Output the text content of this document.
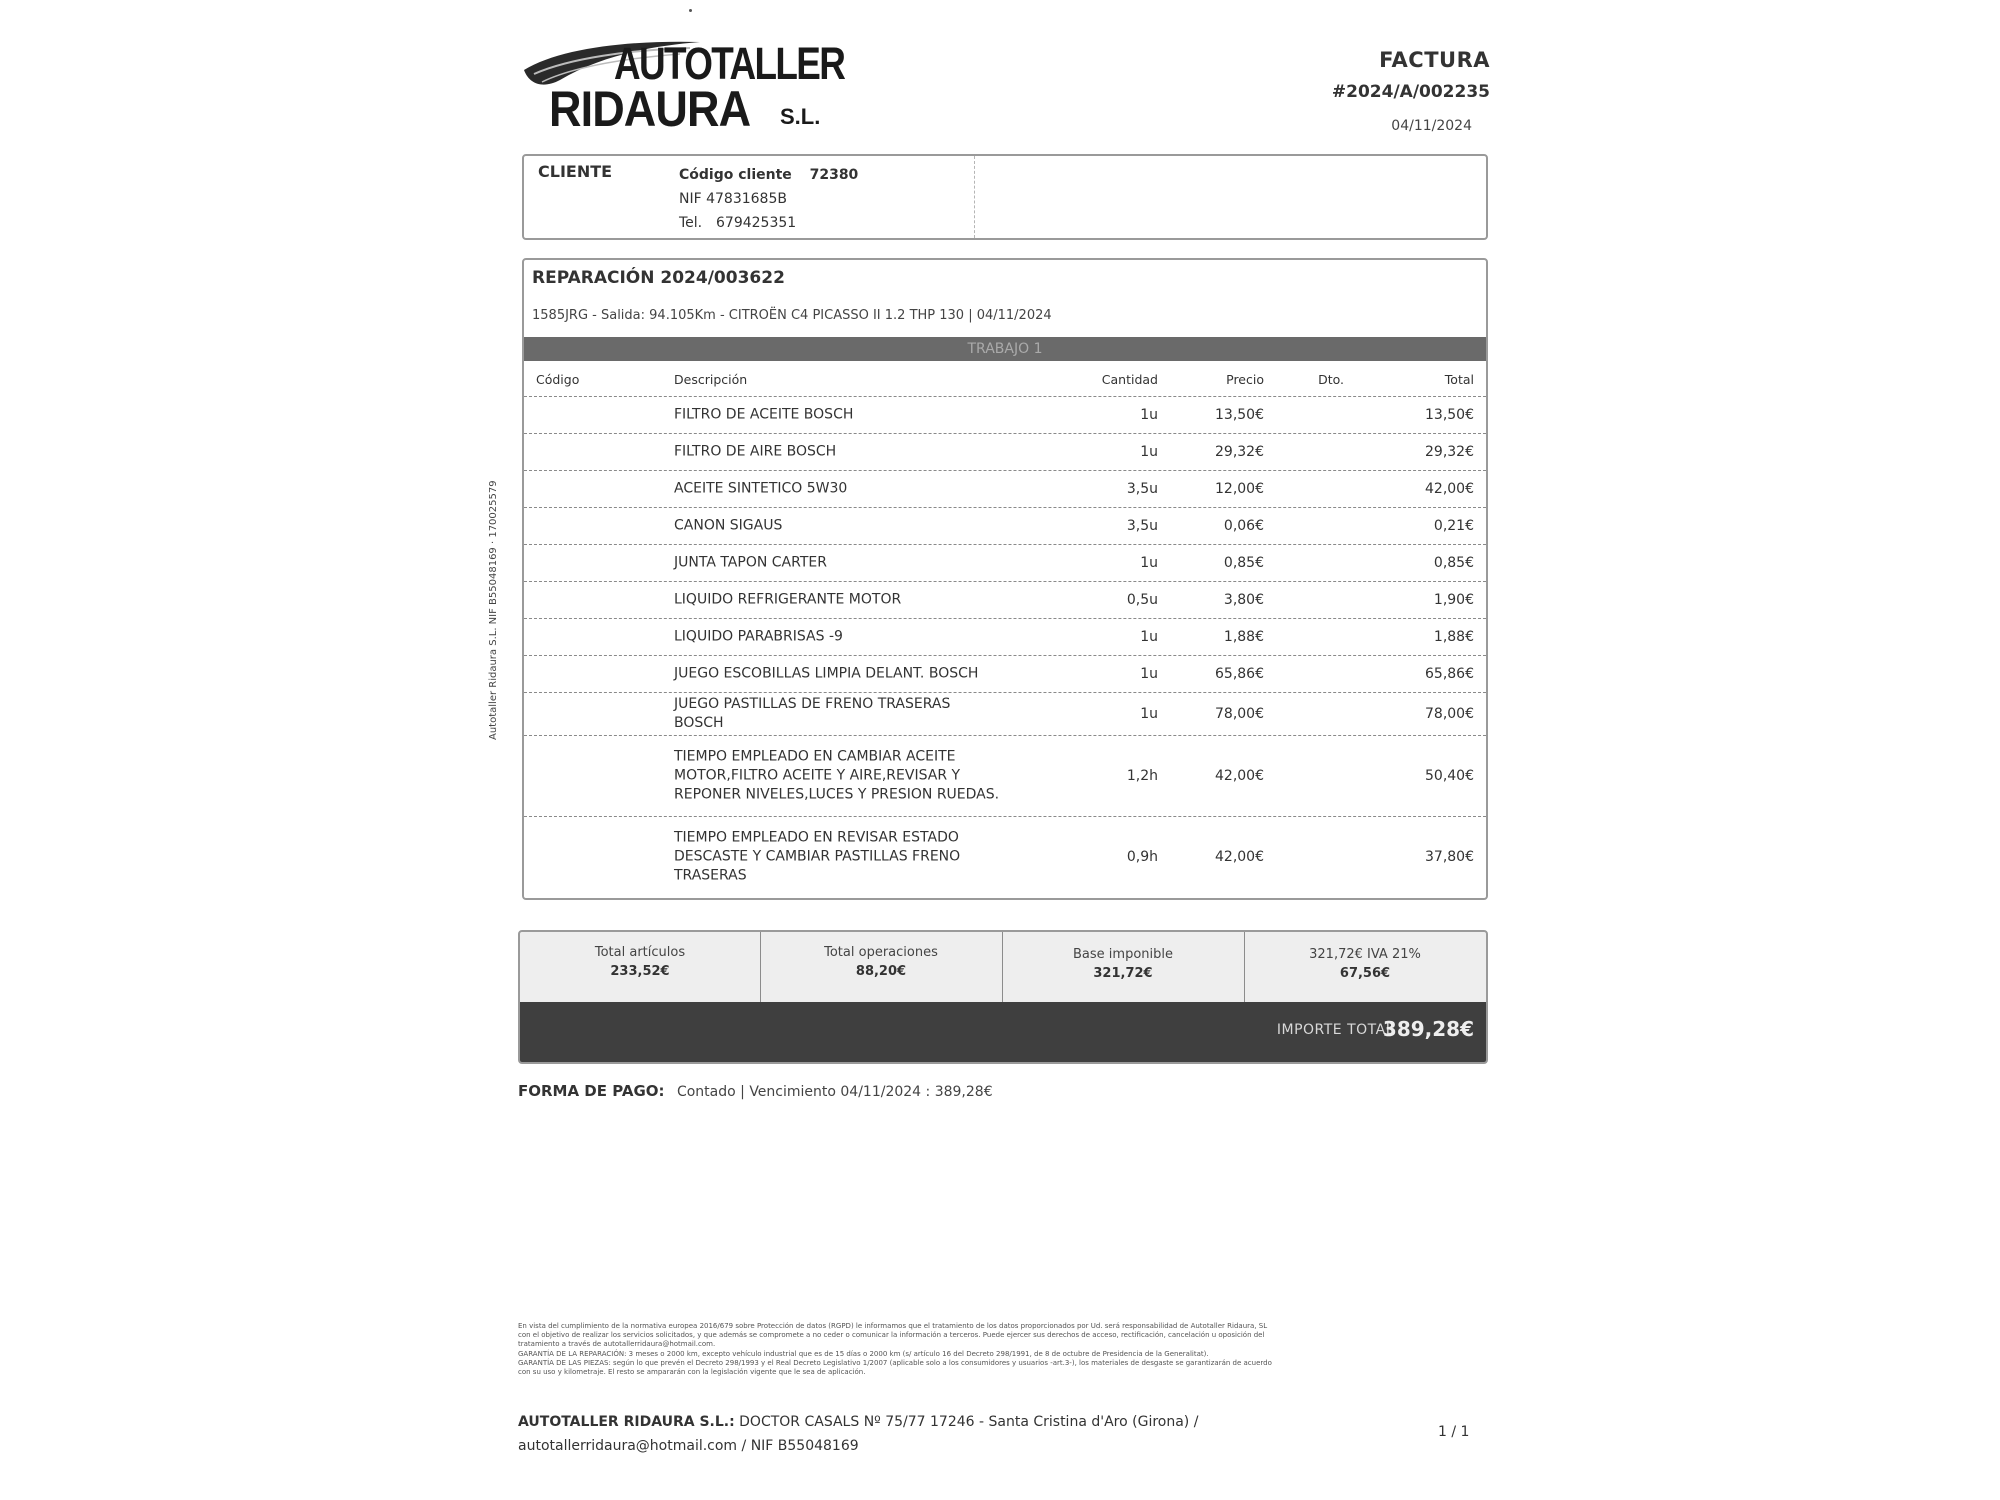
AUTOTALLER
RIDAURA S.L.
FACTURA
#2024/A/002235
04/11/2024
CLIENTE	Código cliente 72380
NIF 47831685B
Tel. 679425351
REPARACIÓN 2024/003622
1585JRG - Salida: 94.105Km - CITROËN C4 PICASSO II 1.2 THP 130 | 04/11/2024
TRABAJO 1
Código	Descripción	Cantidad	Precio	Dto.	Total
FILTRO DE ACEITE BOSCH	1u	13,50€	13,50€
FILTRO DE AIRE BOSCH	1u	29,32€	29,32€
ACEITE SINTETICO 5W30	3,5u	12,00€	42,00€
CANON SIGAUS	3,5u	0,06€	0,21€
JUNTA TAPON CARTER	1u	0,85€	0,85€
LIQUIDO REFRIGERANTE MOTOR	0,5u	3,80€	1,90€
LIQUIDO PARABRISAS -9	1u	1,88€	1,88€
JUEGO ESCOBILLAS LIMPIA DELANT. BOSCH	1u	65,86€	65,86€
JUEGO PASTILLAS DE FRENO TRASERAS BOSCH
1u	78,00€	78,00€
TIEMPO EMPLEADO EN CAMBIAR ACEITE MOTOR,FILTRO ACEITE Y AIRE,REVISAR Y REPONER NIVELES,LUCES Y PRESION RUEDAS.
1,2h	42,00€	50,40€
TIEMPO EMPLEADO EN REVISAR ESTADO DESCASTE Y CAMBIAR PASTILLAS FRENO TRASERAS
0,9h	42,00€	37,80€
Total artículos
233,52€
Total operaciones
88,20€
Base imponible
321,72€
321,72€ IVA 21%
67,56€
IMPORTE TOTAL
389,28€
FORMA DE PAGO: Contado | Vencimiento 04/11/2024 : 389,28€
Autotaller Ridaura S.L. NIF B55048169 · 170025579

En vista del cumplimiento de la normativa europea 2016/679 sobre Protección de datos (RGPD) le informamos que el tratamiento de los datos proporcionados por Ud. será responsabilidad de Autotaller Ridaura, SL

con el objetivo de realizar los servicios solicitados, y que además se compromete a no ceder o comunicar la información a terceros. Puede ejercer sus derechos de acceso, rectificación, cancelación u oposición del

tratamiento a través de autotallerridaura@hotmail.com.

GARANTÍA DE LA REPARACIÓN: 3 meses o 2000 km, excepto vehículo industrial que es de 15 días o 2000 km (s/ artículo 16 del Decreto 298/1991, de 8 de octubre de Presidencia de la Generalitat).

GARANTÍA DE LAS PIEZAS: según lo que prevén el Decreto 298/1993 y el Real Decreto Legislativo 1/2007 (aplicable solo a los consumidores y usuarios -art.3-), los materiales de desgaste se garantizarán de acuerdo

con su uso y kilometraje. El resto se ampararán con la legislación vigente que le sea de aplicación.

AUTOTALLER RIDAURA S.L.: DOCTOR CASALS Nº 75/77 17246 - Santa Cristina d'Aro (Girona) /
autotallerridaura@hotmail.com / NIF B55048169
1 / 1
